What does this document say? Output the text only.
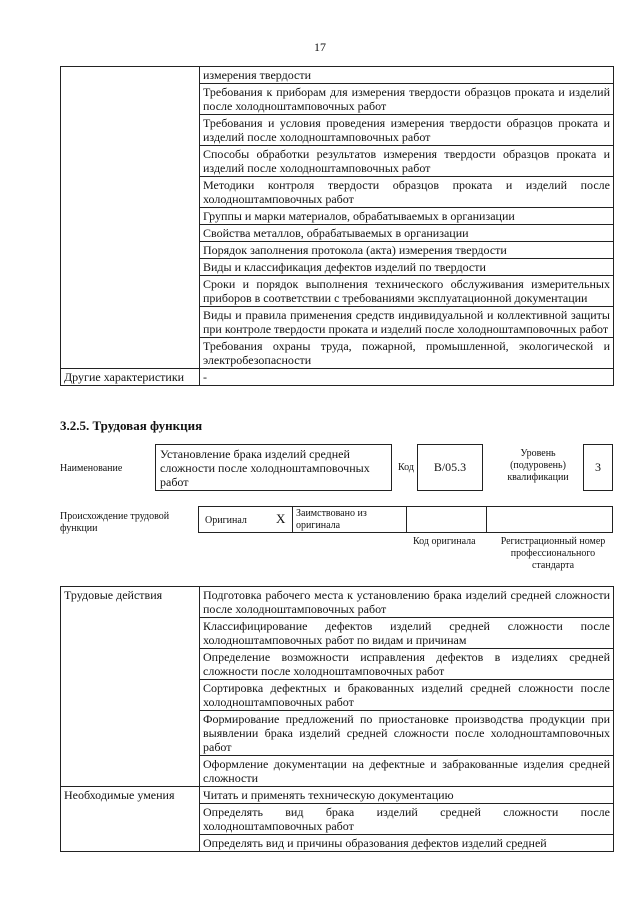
17
	измерения твердости
	Требования к приборам для измерения твердости образцов проката и изделий после холодноштамповочных работ
	Требования и условия проведения измерения твердости образцов проката и изделий после холодноштамповочных работ
	Способы обработки результатов измерения твердости образцов проката и изделий после холодноштамповочных работ
	Методики контроля твердости образцов проката и изделий после холодноштамповочных работ
	Группы и марки материалов, обрабатываемых в организации
	Свойства металлов, обрабатываемых в организации
	Порядок заполнения протокола (акта) измерения твердости
	Виды и классификация дефектов изделий по твердости
	Сроки и порядок выполнения технического обслуживания измерительных приборов в соответствии с требованиями эксплуатационной документации
	Виды и правила применения средств индивидуальной и коллективной защиты при контроле твердости проката и изделий после холодноштамповочных работ
	Требования охраны труда, пожарной, промышленной, экологической и электробезопасности
Другие характеристики	-
3.2.5. Трудовая функция
Наименование
Установление брака изделий средней сложности после холодноштамповочных работ
Код	B/05.3
Уровень (подуровень) квалификации
3
Происхождение трудовой функции
Оригинал X Заимствовано из оригинала
Код оригинала	Регистрационный номер профессионального стандарта
Трудовые действия	Подготовка рабочего места к установлению брака изделий средней сложности после холодноштамповочных работ
	Классифицирование дефектов изделий средней сложности после холодноштамповочных работ по видам и причинам
	Определение возможности исправления дефектов в изделиях средней сложности после холодноштамповочных работ
	Сортировка дефектных и бракованных изделий средней сложности после холодноштамповочных работ
	Формирование предложений по приостановке производства продукции при выявлении брака изделий средней сложности после холодноштамповочных работ
	Оформление документации на дефектные и забракованные изделия средней сложности
Необходимые умения	Читать и применять техническую документацию
	Определять вид брака изделий средней сложности после холодноштамповочных работ
	Определять вид и причины образования дефектов изделий средней
